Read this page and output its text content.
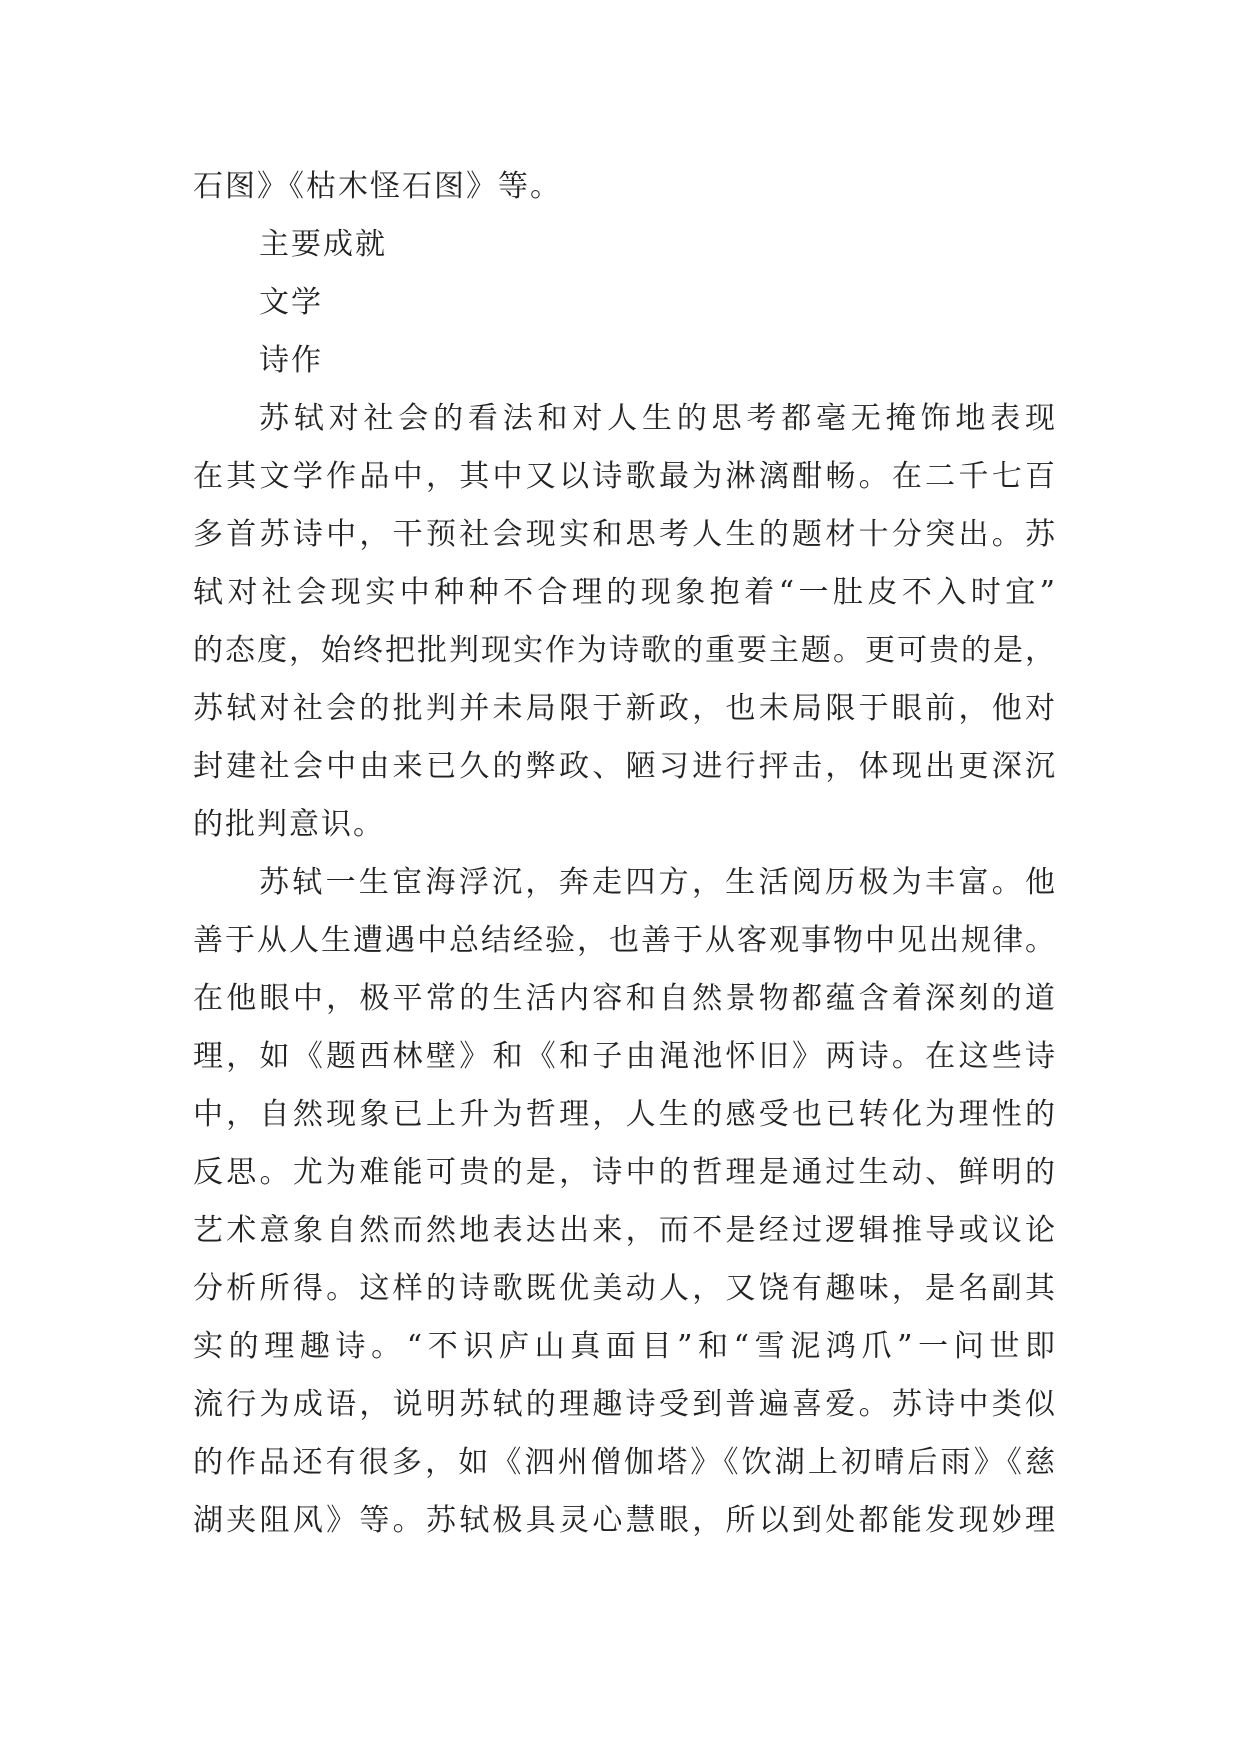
石图》《枯木怪石图》等。
主要成就
文学
诗作
苏轼对社会的看法和对人生的思考都毫无掩饰地表现
在其文学作品中，其中又以诗歌最为淋漓酣畅。在二千七百
多首苏诗中，干预社会现实和思考人生的题材十分突出。苏
轼对社会现实中种种不合理的现象抱着“一肚皮不入时宜”
的态度，始终把批判现实作为诗歌的重要主题。更可贵的是，
苏轼对社会的批判并未局限于新政，也未局限于眼前，他对
封建社会中由来已久的弊政、陋习进行抨击，体现出更深沉
的批判意识。
苏轼一生宦海浮沉，奔走四方，生活阅历极为丰富。他
善于从人生遭遇中总结经验，也善于从客观事物中见出规律。
在他眼中，极平常的生活内容和自然景物都蕴含着深刻的道
理，如《题西林壁》和《和子由渑池怀旧》两诗。在这些诗
中，自然现象已上升为哲理，人生的感受也已转化为理性的
反思。尤为难能可贵的是，诗中的哲理是通过生动、鲜明的
艺术意象自然而然地表达出来，而不是经过逻辑推导或议论
分析所得。这样的诗歌既优美动人，又饶有趣味，是名副其
实的理趣诗。“不识庐山真面目”和“雪泥鸿爪”一问世即
流行为成语，说明苏轼的理趣诗受到普遍喜爱。苏诗中类似
的作品还有很多，如《泗州僧伽塔》《饮湖上初晴后雨》《慈
湖夹阻风》等。苏轼极具灵心慧眼，所以到处都能发现妙理
